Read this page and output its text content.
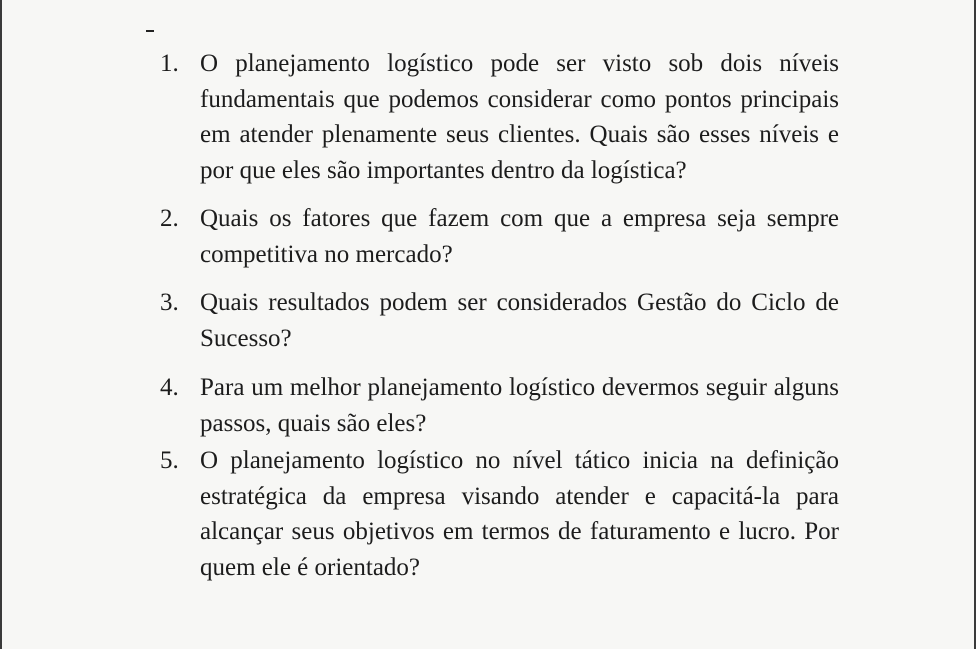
1. O planejamento logístico pode ser visto sob dois níveis fundamentais que podemos considerar como pontos principais em atender plenamente seus clientes. Quais são esses níveis e por que eles são importantes dentro da logística?
2. Quais os fatores que fazem com que a empresa seja sempre competitiva no mercado?
3. Quais resultados podem ser considerados Gestão do Ciclo de Sucesso?
4. Para um melhor planejamento logístico devermos seguir alguns passos, quais são eles?
5. O planejamento logístico no nível tático inicia na definição estratégica da empresa visando atender e capacitá-la para alcançar seus objetivos em termos de faturamento e lucro. Por quem ele é orientado?
